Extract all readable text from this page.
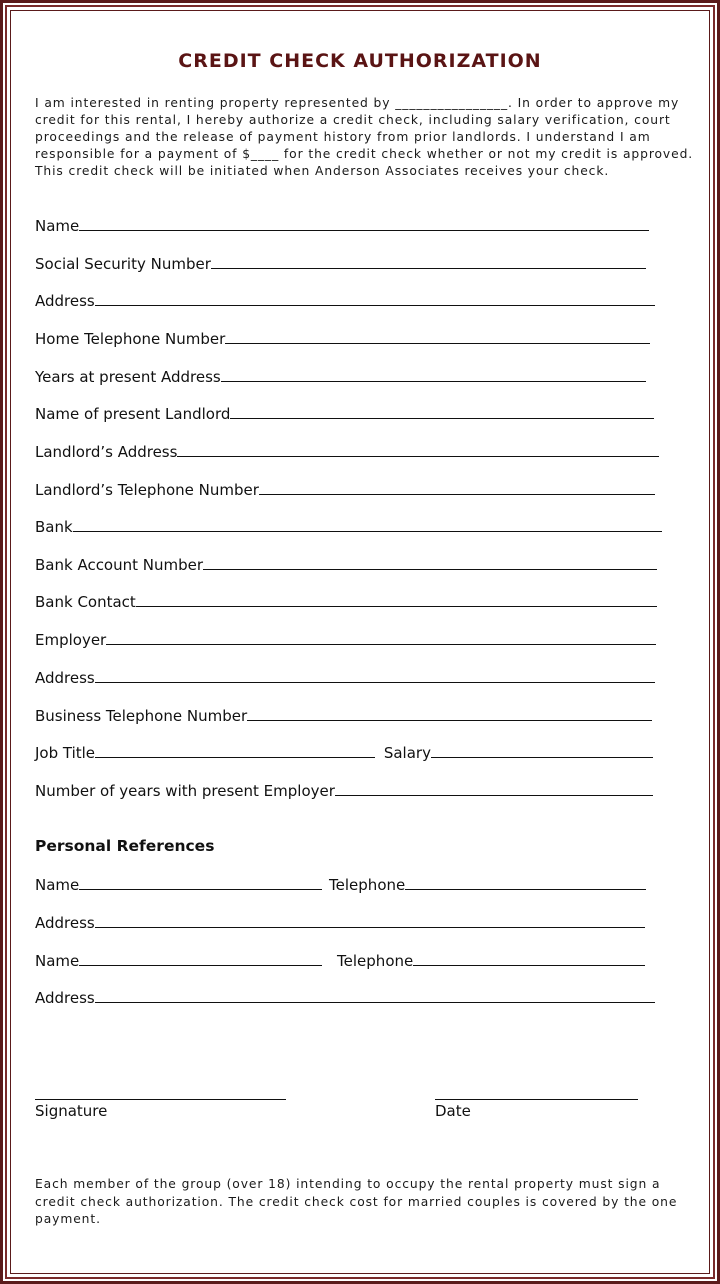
CREDIT CHECK AUTHORIZATION
I am interested in renting property represented by ________________. In order to approve my credit for this rental, I hereby authorize a credit check, including salary verification, court proceedings and the release of payment history from prior landlords. I understand I am responsible for a payment of $____ for the credit check whether or not my credit is approved. This credit check will be initiated when Anderson Associates receives your check.
Name
Social Security Number
Address
Home Telephone Number
Years at present Address
Name of present Landlord
Landlord’s Address
Landlord’s Telephone Number
Bank
Bank Account Number
Bank Contact
Employer
Address
Business Telephone Number
Job Title	Salary
Number of years with present Employer
Personal References
Name	Telephone
Address
Name	Telephone
Address
Signature	Date
Each member of the group (over 18) intending to occupy the rental property must sign a credit check authorization. The credit check cost for married couples is covered by the one payment.
